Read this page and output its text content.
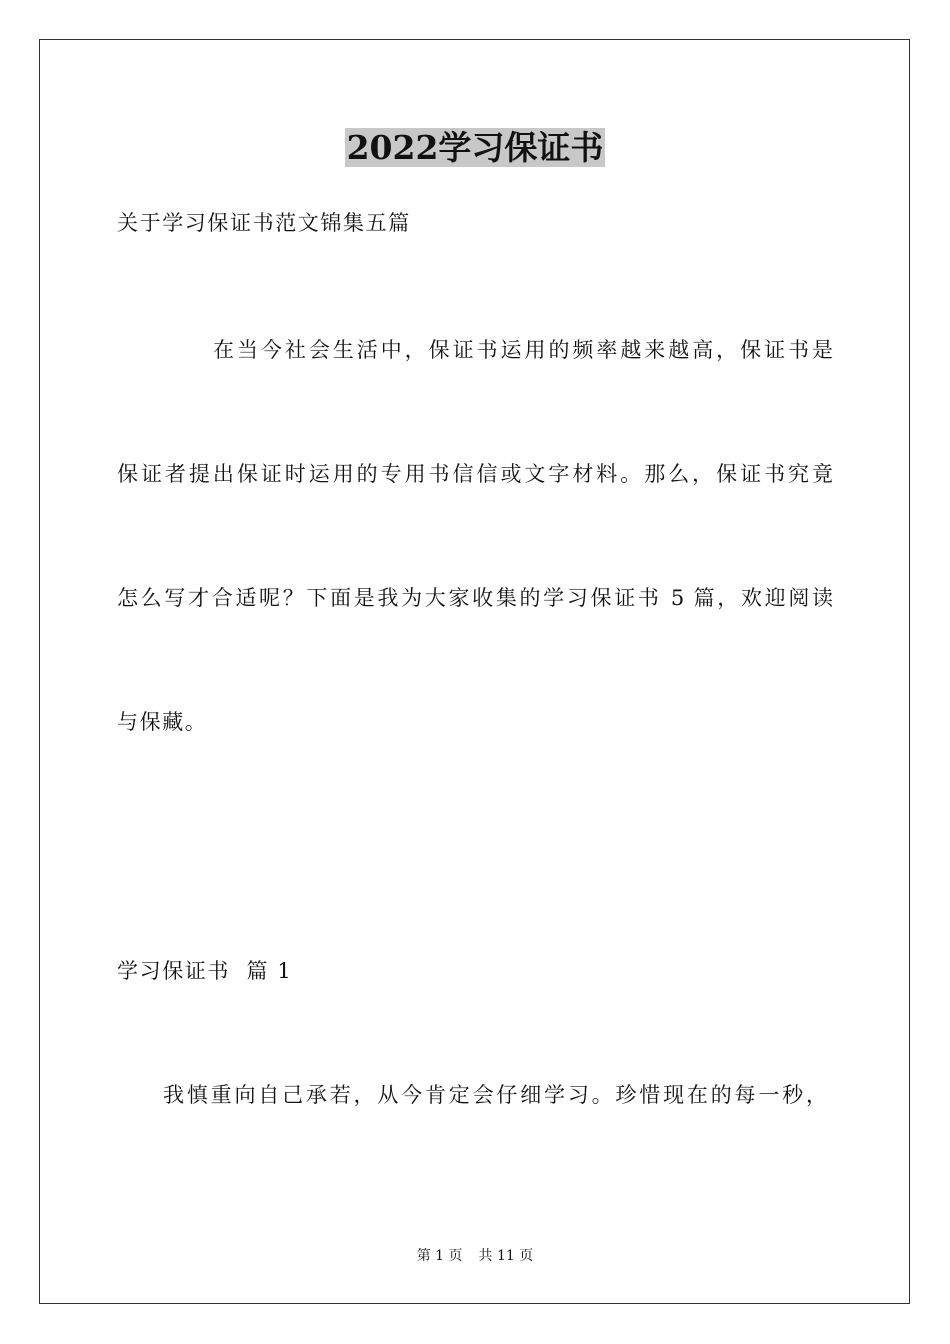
2022学习保证书
关于学习保证书范文锦集五篇
在当今社会生活中，保证书运用的频率越来越高，保证书是
保证者提出保证时运用的专用书信信或文字材料。那么，保证书究竟
怎么写才合适呢？下面是我为大家收集的学习保证书 5 篇，欢迎阅读
与保藏。
学习保证书  篇 1
我慎重向自己承若，从今肯定会仔细学习。珍惜现在的每一秒，
第 1 页 共 11 页
